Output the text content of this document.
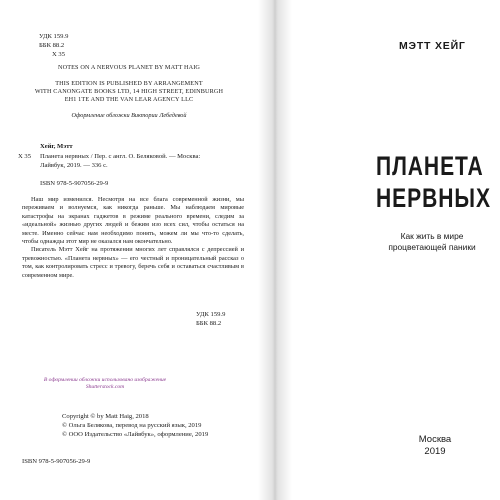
УДК 159.9
ББК 88.2
Х 35
NOTES ON A NERVOUS PLANET BY MATT HAIG
THIS EDITION IS PUBLISHED BY ARRANGEMENT
WITH CANONGATE BOOKS LTD, 14 HIGH STREET, EDINBURGH
EH1 1TE AND THE VAN LEAR AGENCY LLC
Оформление обложки Виктории Лебедевой
Хейг, Мэтт
Х 35 Планета нервных / Пер. с англ. О. Беляковой. — Москва:
Лайвбук, 2019. — 336 с.
ISBN 978-5-907056-29-9

Наш мир изменился. Несмотря на все блага современной жизни, мы переживаем и волнуемся, как никогда раньше. Мы наблюдаем мировые катастрофы на экранах гаджетов в режиме реального времени, следим за «идеальной» жизнью других людей и бежим изо всех сил, чтобы остаться на месте. Именно сейчас нам необходимо понять, можем ли мы что-то сделать, чтобы однажды этот мир не оказался нам окончательно.

Писатель Мэтт Хейг на протяжении многих лет справлялся с депрессией и тревожностью. «Планета нервных» — его честный и проницательный рассказ о том, как контролировать стресс и тревогу, беречь себя и оставаться счастливым в современном мире.

УДК 159.9
ББК 88.2
В оформлении обложки использовано изображение
Shutterstock.com
Copyright © by Matt Haig, 2018
© Ольга Белякова, перевод на русский язык, 2019
© ООО Издательство «Лайвбук», оформление, 2019
ISBN 978-5-907056-29-9
МЭТТ ХЕЙГ
ПЛАНЕТА
НЕРВНЫХ
Как жить в мире
процветающей паники
Москва
2019
